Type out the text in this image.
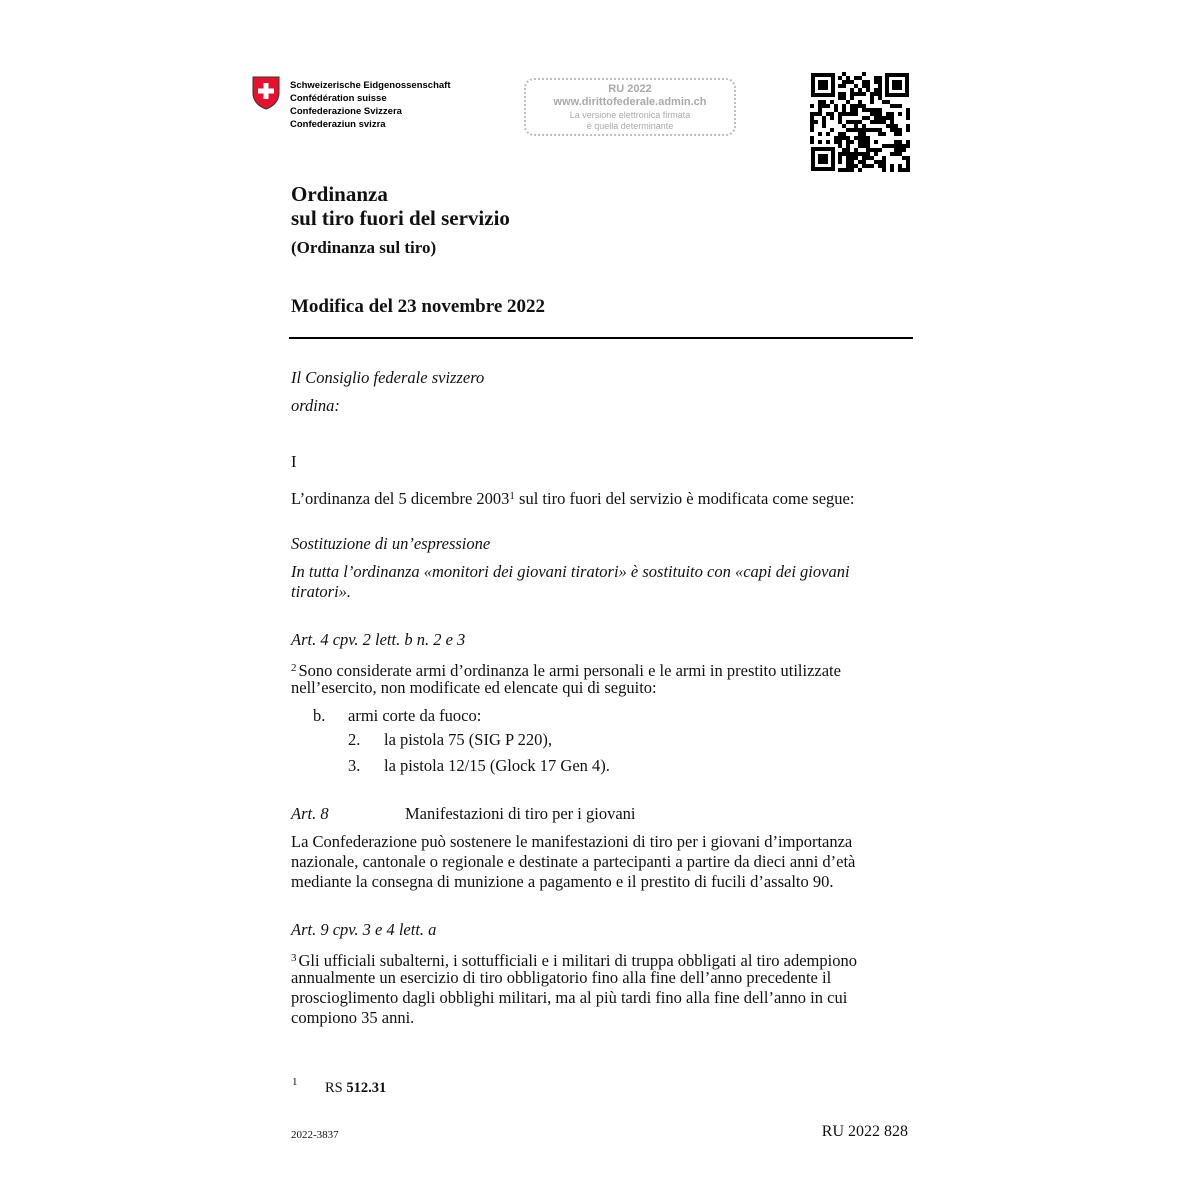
Schweizerische Eidgenossenschaft
Confédération suisse
Confederazione Svizzera
Confederaziun svizra
RU 2022
www.dirittofederale.admin.ch
La versione elettronica firmata
è quella determinante
Ordinanza
sul tiro fuori del servizio
(Ordinanza sul tiro)
Modifica del 23 novembre 2022
Il Consiglio federale svizzero
ordina:
I
L’ordinanza del 5 dicembre 2003$^1$ sul tiro fuori del servizio è modificata come segue:
Sostituzione di un’espressione
In tutta l’ordinanza «monitori dei giovani tiratori» è sostituito con «capi dei giovani
tiratori».
Art. 4 cpv. 2 lett. b n. 2 e 3
$^2$ Sono considerate armi d’ordinanza le armi personali e le armi in prestito utilizzate
nell’esercito, non modificate ed elencate qui di seguito:
b. armi corte da fuoco:
2. la pistola 75 (SIG P 220),
3. la pistola 12/15 (Glock 17 Gen 4).
Art. 8	Manifestazioni di tiro per i giovani
La Confederazione può sostenere le manifestazioni di tiro per i giovani d’importanza
nazionale, cantonale o regionale e destinate a partecipanti a partire da dieci anni d’età
mediante la consegna di munizione a pagamento e il prestito di fucili d’assalto 90.
Art. 9 cpv. 3 e 4 lett. a
$^3$ Gli ufficiali subalterni, i sottufficiali e i militari di truppa obbligati al tiro adempiono
annualmente un esercizio di tiro obbligatorio fino alla fine dell’anno precedente il
proscioglimento dagli obblighi militari, ma al più tardi fino alla fine dell’anno in cui
compiono 35 anni.
1 RS 512.31
2022-3837	RU 2022 828
